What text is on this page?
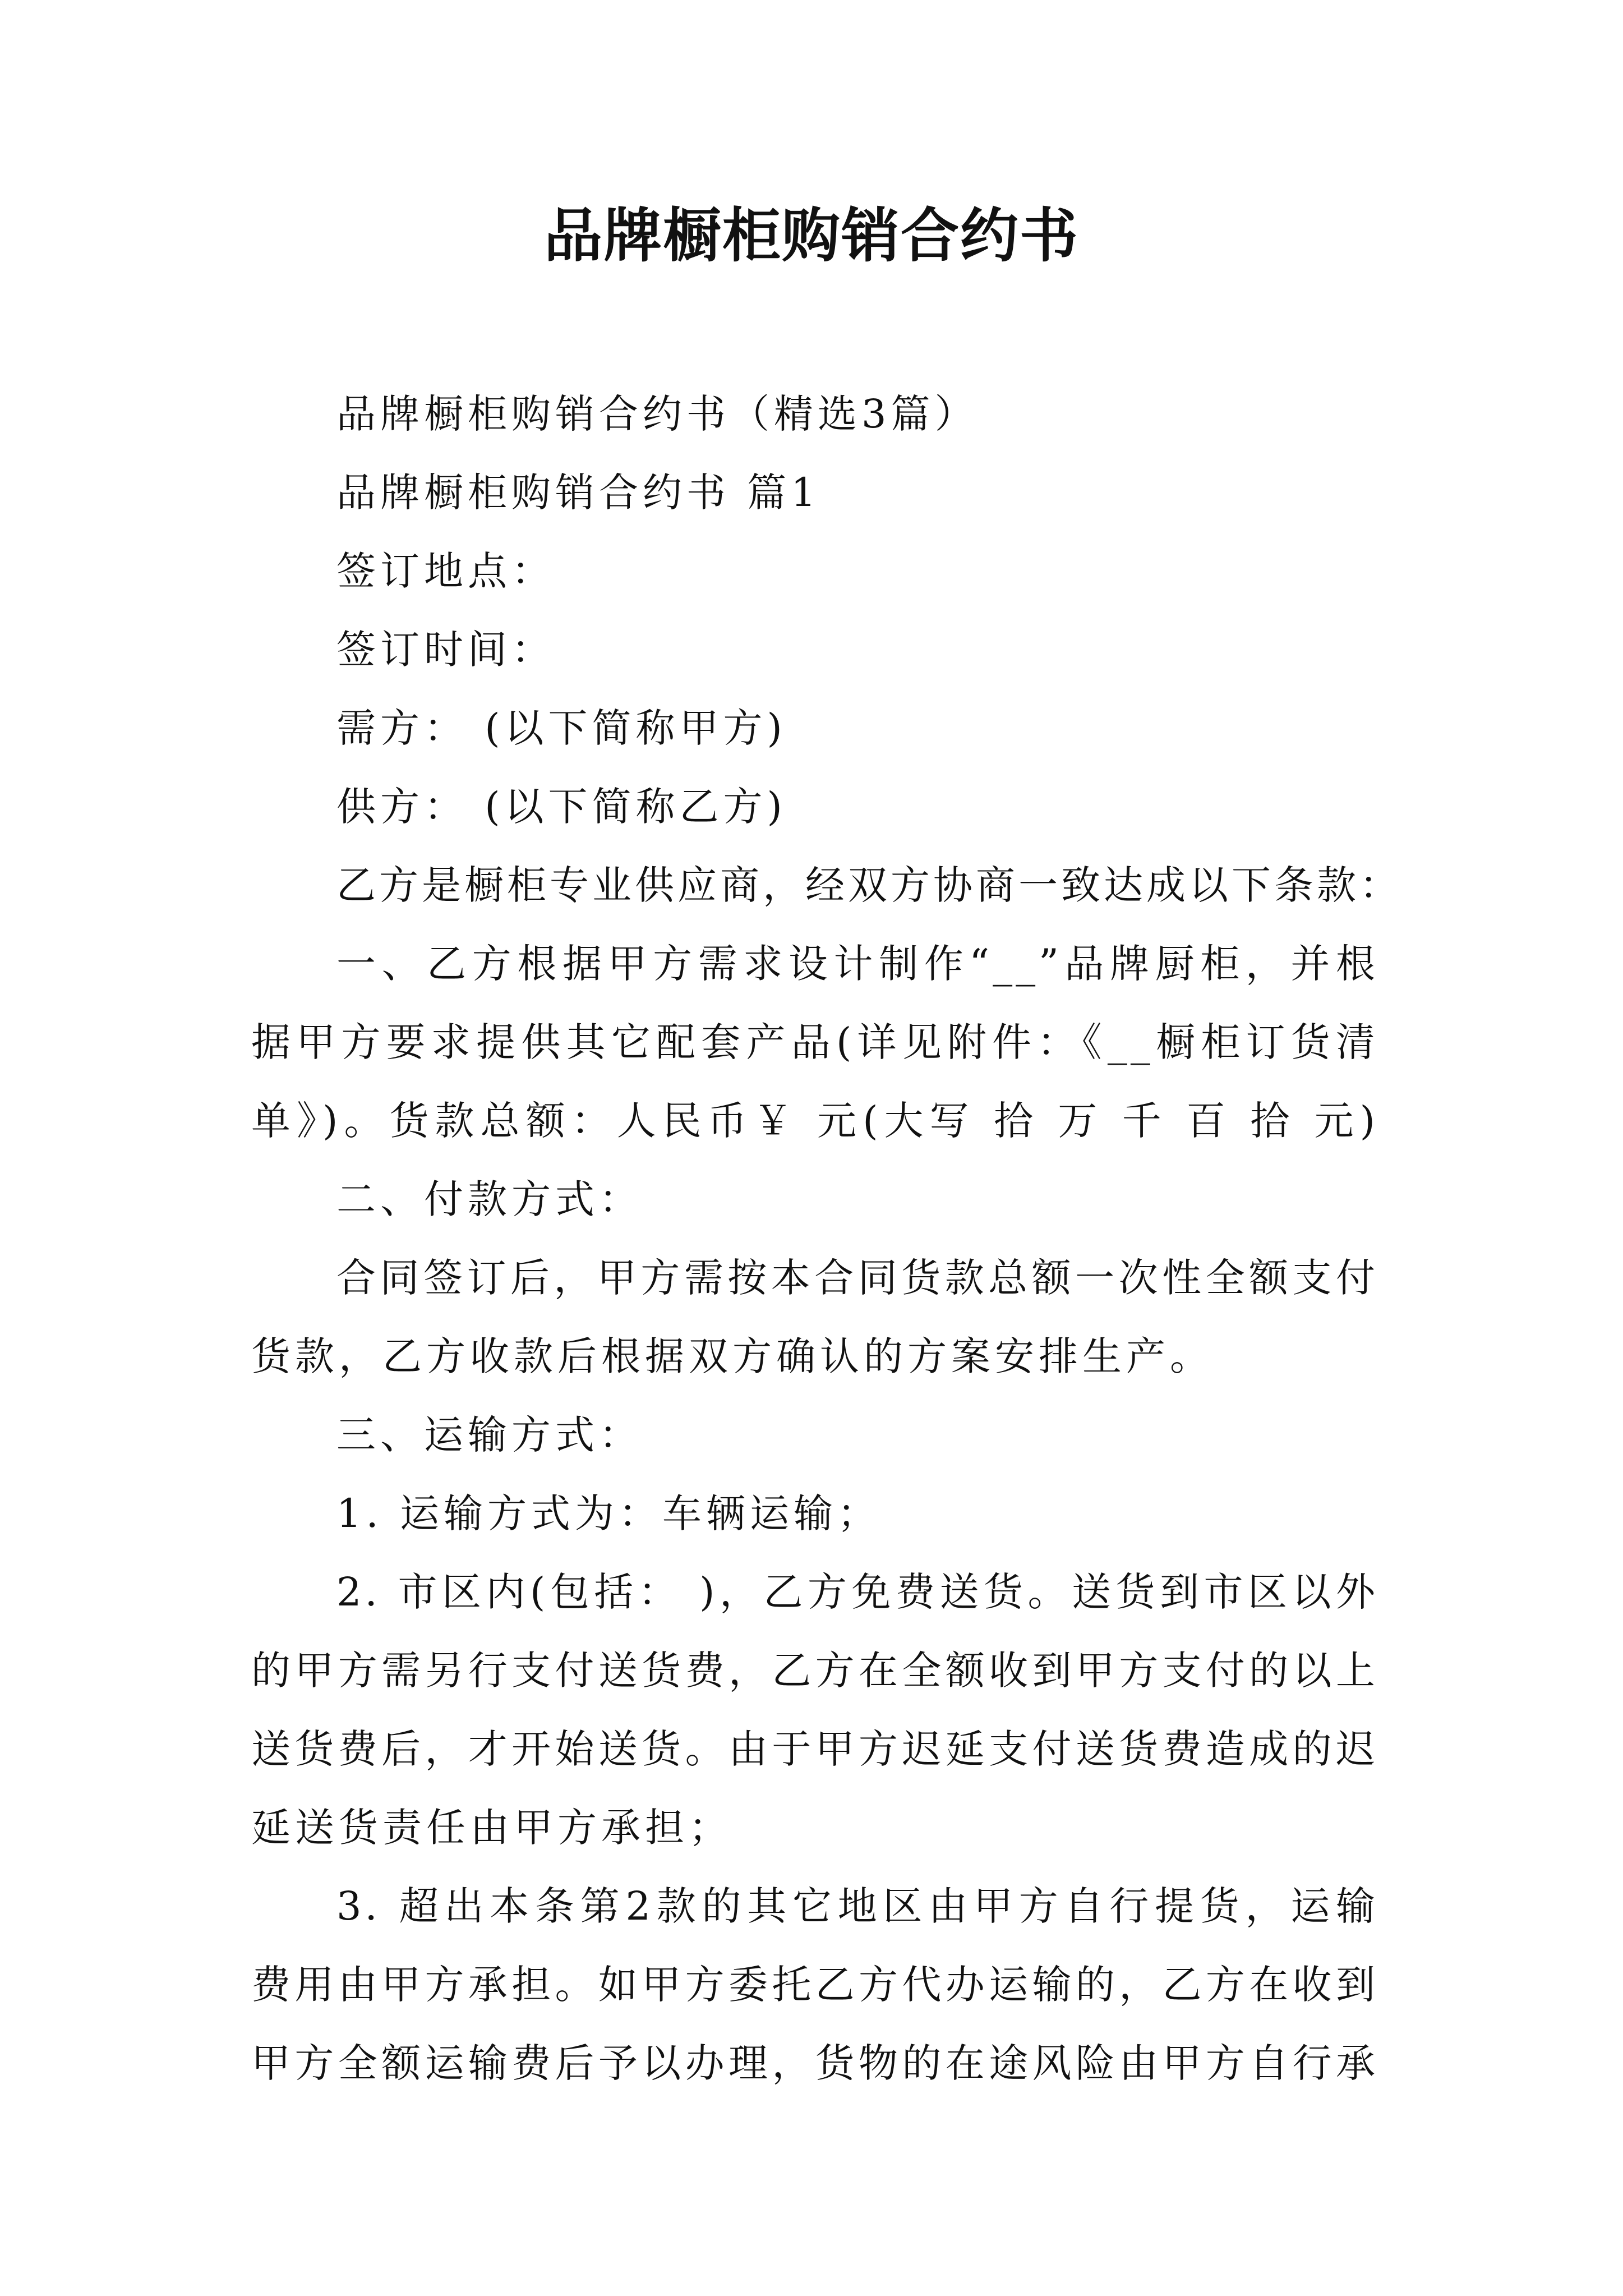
品牌橱柜购销合约书
品牌橱柜购销合约书（精选3篇）
品牌橱柜购销合约书 篇1
签订地点：
签订时间：
需方： (以下简称甲方)
供方： (以下简称乙方)
乙方是橱柜专业供应商，经双方协商一致达成以下条款：
一、乙方根据甲方需求设计制作“__”品牌厨柜，并根
据甲方要求提供其它配套产品(详见附件：《__橱柜订货清
单》)。货款总额：人民币￥ 元(大写 拾 万 千 百 拾 元)
二、付款方式：
合同签订后，甲方需按本合同货款总额一次性全额支付
货款，乙方收款后根据双方确认的方案安排生产。
三、运输方式：
1. 运输方式为：车辆运输；
2. 市区内(包括： )，乙方免费送货。送货到市区以外
的甲方需另行支付送货费，乙方在全额收到甲方支付的以上
送货费后，才开始送货。由于甲方迟延支付送货费造成的迟
延送货责任由甲方承担；
3. 超出本条第2款的其它地区由甲方自行提货，运输
费用由甲方承担。如甲方委托乙方代办运输的，乙方在收到
甲方全额运输费后予以办理，货物的在途风险由甲方自行承
